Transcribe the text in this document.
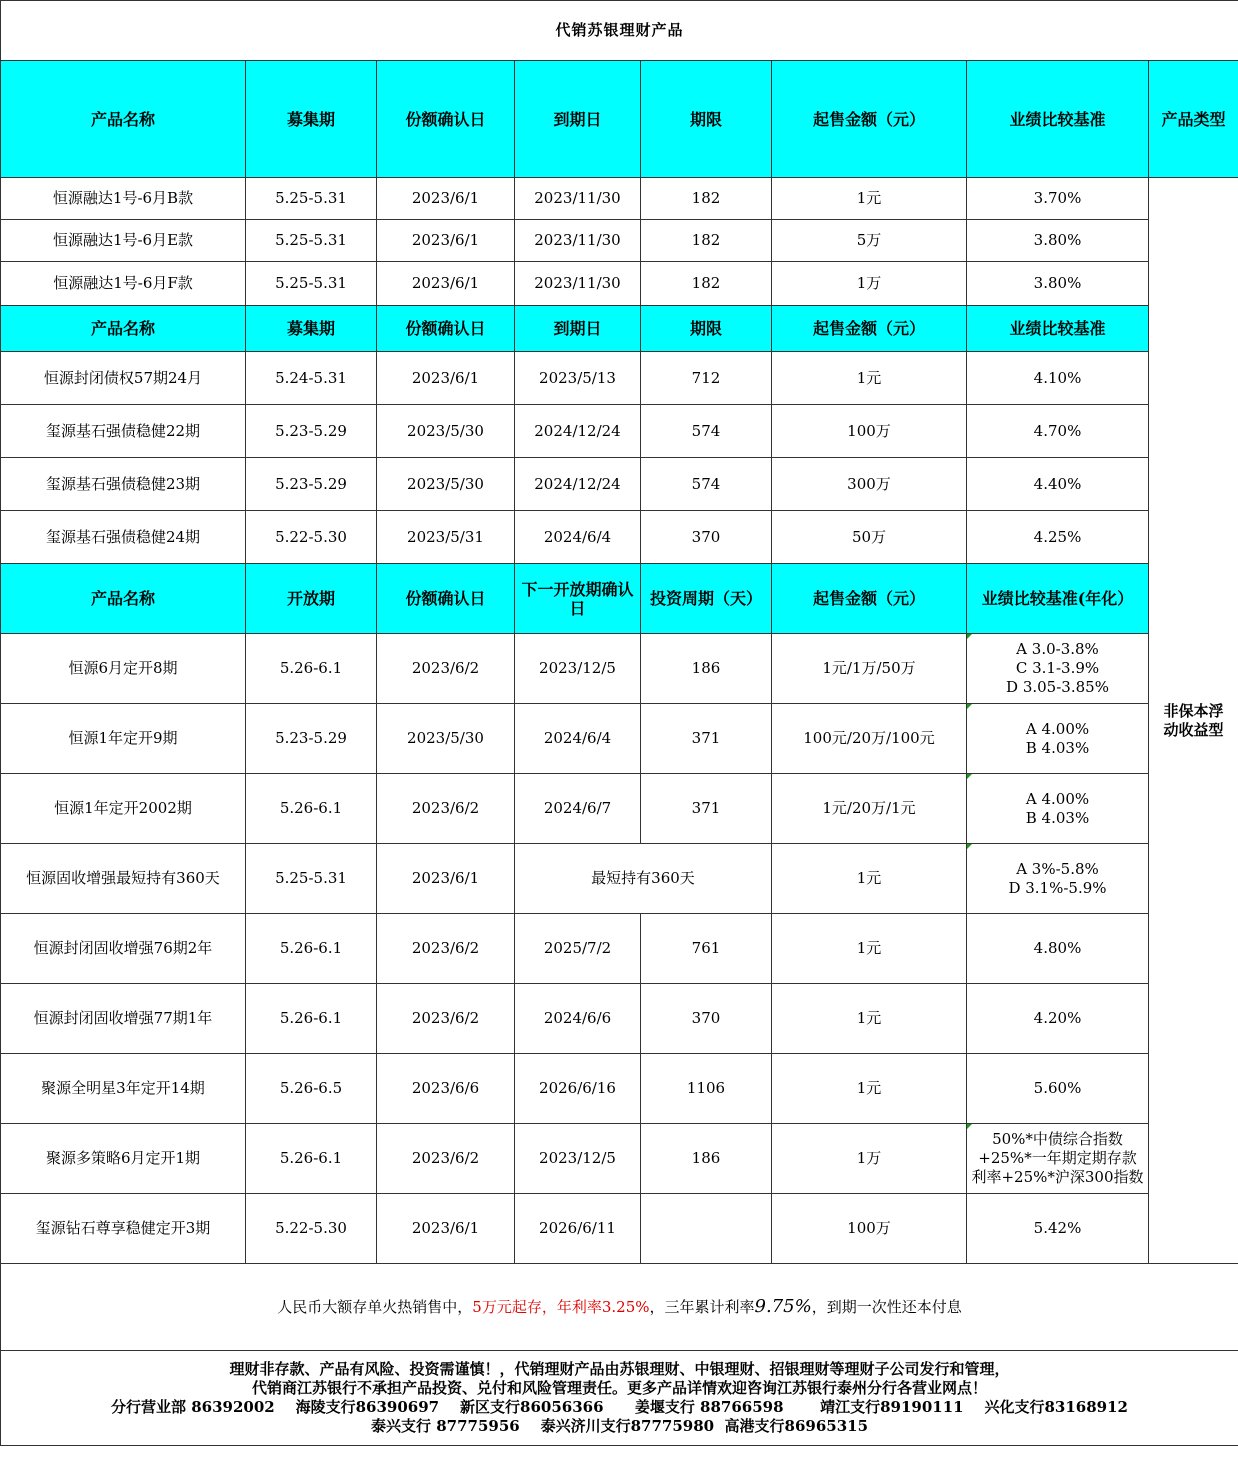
代销苏银理财产品							
产品名称	募集期	份额确认日	到期日	期限	起售金额（元）	业绩比较基准	产品类型
恒源融达1号-6月B款	5.25-5.31	2023/6/1	2023/11/30	182	1元	3.70%	非保本浮
动收益型
恒源融达1号-6月E款	5.25-5.31	2023/6/1	2023/11/30	182	5万	3.80%	
恒源融达1号-6月F款	5.25-5.31	2023/6/1	2023/11/30	182	1万	3.80%	
产品名称	募集期	份额确认日	到期日	期限	起售金额（元）	业绩比较基准	
恒源封闭债权57期24月	5.24-5.31	2023/6/1	2023/5/13	712	1元	4.10%	
玺源基石强债稳健22期	5.23-5.29	2023/5/30	2024/12/24	574	100万	4.70%	
玺源基石强债稳健23期	5.23-5.29	2023/5/30	2024/12/24	574	300万	4.40%	
玺源基石强债稳健24期	5.22-5.30	2023/5/31	2024/6/4	370	50万	4.25%	
产品名称	开放期	份额确认日	下一开放期确认日	投资周期（天）	起售金额（元）	业绩比较基准(年化）	
恒源6月定开8期	5.26-6.1	2023/6/2	2023/12/5	186	1元/1万/50万	A 3.0-3.8%
C 3.1-3.9%
D 3.05-3.85%	
恒源1年定开9期	5.23-5.29	2023/5/30	2024/6/4	371	100元/20万/100元	A 4.00%
B 4.03%	
恒源1年定开2002期	5.26-6.1	2023/6/2	2024/6/7	371	1元/20万/1元	A 4.00%
B 4.03%	
恒源固收增强最短持有360天	5.25-5.31	2023/6/1	最短持有360天		1元	A 3%-5.8%
D 3.1%-5.9%	
恒源封闭固收增强76期2年	5.26-6.1	2023/6/2	2025/7/2	761	1元	4.80%	
恒源封闭固收增强77期1年	5.26-6.1	2023/6/2	2024/6/6	370	1元	4.20%	
聚源全明星3年定开14期	5.26-6.5	2023/6/6	2026/6/16	1106	1元	5.60%	
聚源多策略6月定开1期	5.26-6.1	2023/6/2	2023/12/5	186	1万	50%*中债综合指数
+25%*一年期定期存款
利率+25%*沪深300指数	
玺源钻石尊享稳健定开3期	5.22-5.30	2023/6/1	2026/6/11		100万	5.42%	
人民币大额存单火热销售中，5万元起存，年利率3.25%，三年累计利率9.75%，到期一次性还本付息							

理财非存款、产品有风险、投资需谨慎！，代销理财产品由苏银理财、中银理财、招银理财等理财子公司发行和管理，
代销商江苏银行不承担产品投资、兑付和风险管理责任。更多产品详情欢迎咨询江苏银行泰州分行各营业网点！
分行营业部 86392002    海陵支行86390697    新区支行86056366      姜堰支行 88766598       靖江支行89190111    兴化支行83168912
泰兴支行 87775956    泰兴济川支行87775980  高港支行86965315							
